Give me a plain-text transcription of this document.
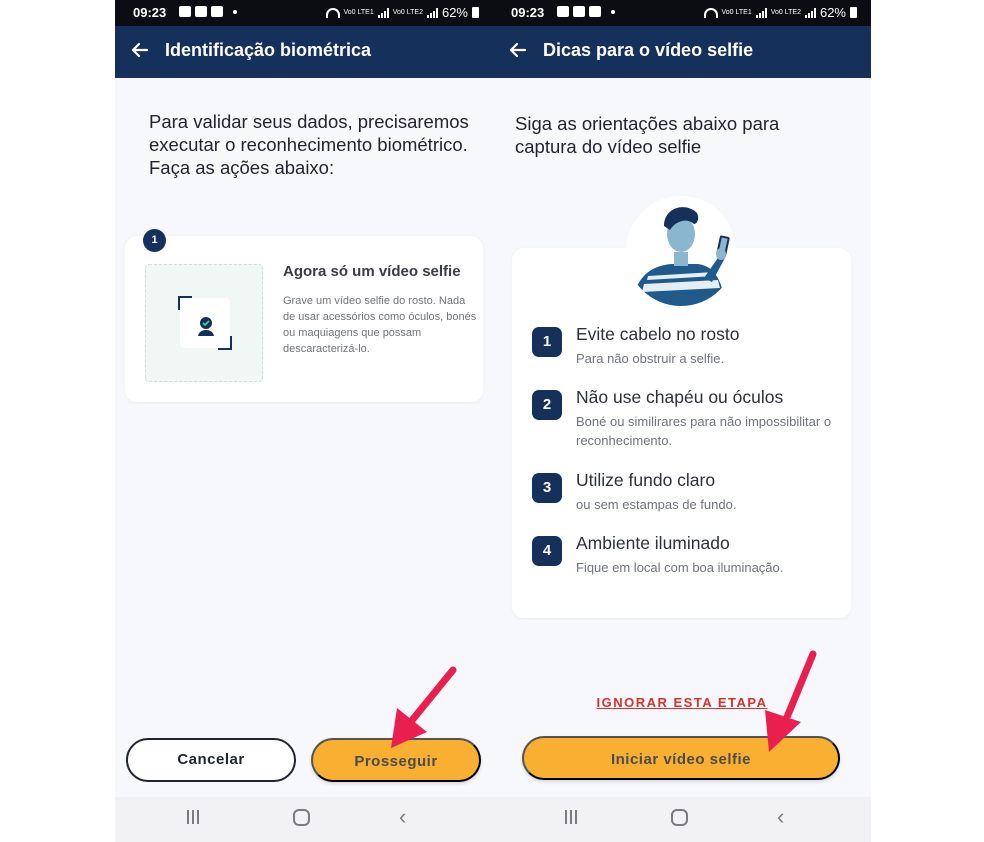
09:23	Vo0 LTE1	Vo0 LTE2 62%
Identificação biométrica
Para validar seus dados, precisaremos executar o reconhecimento biométrico. Faça as ações abaixo:
Agora só um vídeo selfie

Grave um vídeo selfie do rosto. Nada de usar acessórios como óculos, bonés ou maquiagens que possam descaracterizá-lo.

1
Cancelar	Prosseguir
‹
09:23	Vo0 LTE1	Vo0 LTE2 62%
Dicas para o vídeo selfie
Siga as orientações abaixo para captura do vídeo selfie
1	Evite cabelo no rosto

Para não obstruir a selfie.

2	Não use chapéu ou óculos

Boné ou similirares para não impossibilitar o reconhecimento.

3	Utilize fundo claro

ou sem estampas de fundo.

4	Ambiente iluminado

Fique em local com boa iluminação.

IGNORAR ESTA ETAPA
Iniciar vídeo selfie
‹
